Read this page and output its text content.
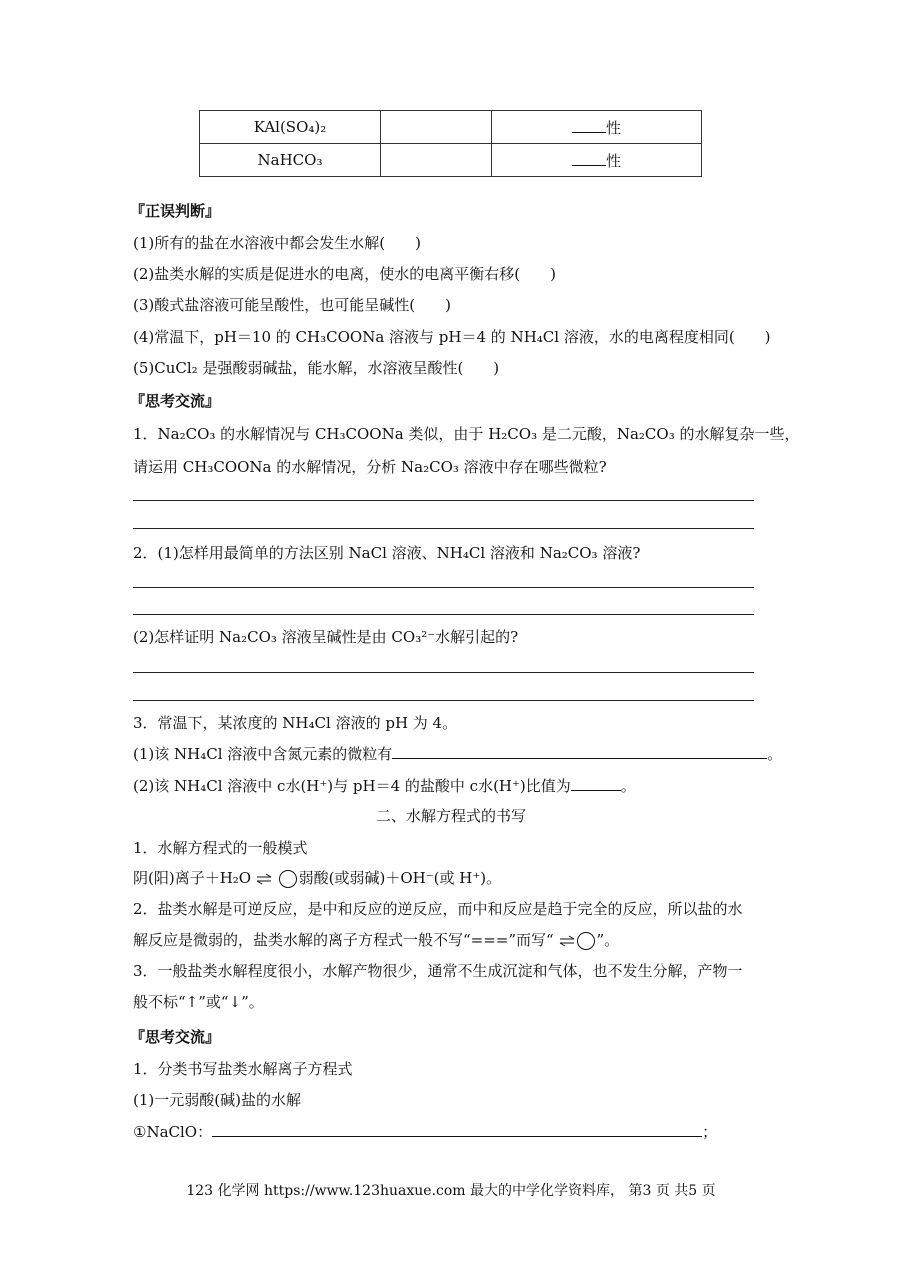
KAl(SO₄)₂		性
NaHCO₃		性
『正误判断』
(1)所有的盐在水溶液中都会发生水解(　　)
(2)盐类水解的实质是促进水的电离，使水的电离平衡右移(　　)
(3)酸式盐溶液可能呈酸性，也可能呈碱性(　　)
(4)常温下，pH＝10 的 CH₃COONa 溶液与 pH＝4 的 NH₄Cl 溶液，水的电离程度相同(　　)
(5)CuCl₂ 是强酸弱碱盐，能水解，水溶液呈酸性(　　)
『思考交流』
1．Na₂CO₃ 的水解情况与 CH₃COONa 类似，由于 H₂CO₃ 是二元酸，Na₂CO₃ 的水解复杂一些，
请运用 CH₃COONa 的水解情况，分析 Na₂CO₃ 溶液中存在哪些微粒?
2．(1)怎样用最简单的方法区别 NaCl 溶液、NH₄Cl 溶液和 Na₂CO₃ 溶液?
(2)怎样证明 Na₂CO₃ 溶液呈碱性是由 CO₃²⁻水解引起的?
3．常温下，某浓度的 NH₄Cl 溶液的 pH 为 4。
(1)该 NH₄Cl 溶液中含氮元素的微粒有	。
(2)该 NH₄Cl 溶液中 c水(H⁺)与 pH＝4 的盐酸中 c水(H⁺)比值为	。
二、水解方程式的书写
1．水解方程式的一般模式
阴(阳)离子＋H₂O	弱酸(或弱碱)＋OH⁻(或 H⁺)。
2．盐类水解是可逆反应，是中和反应的逆反应，而中和反应是趋于完全的反应，所以盐的水
解反应是微弱的，盐类水解的离子方程式一般不写“===”而写“	”。
3．一般盐类水解程度很小，水解产物很少，通常不生成沉淀和气体，也不发生分解，产物一
般不标“↑”或“↓”。
『思考交流』
1．分类书写盐类水解离子方程式
(1)一元弱酸(碱)盐的水解
①NaClO：	；
123 化学网 https://www.123huaxue.com 最大的中学化学资料库， 第3 页 共5 页
